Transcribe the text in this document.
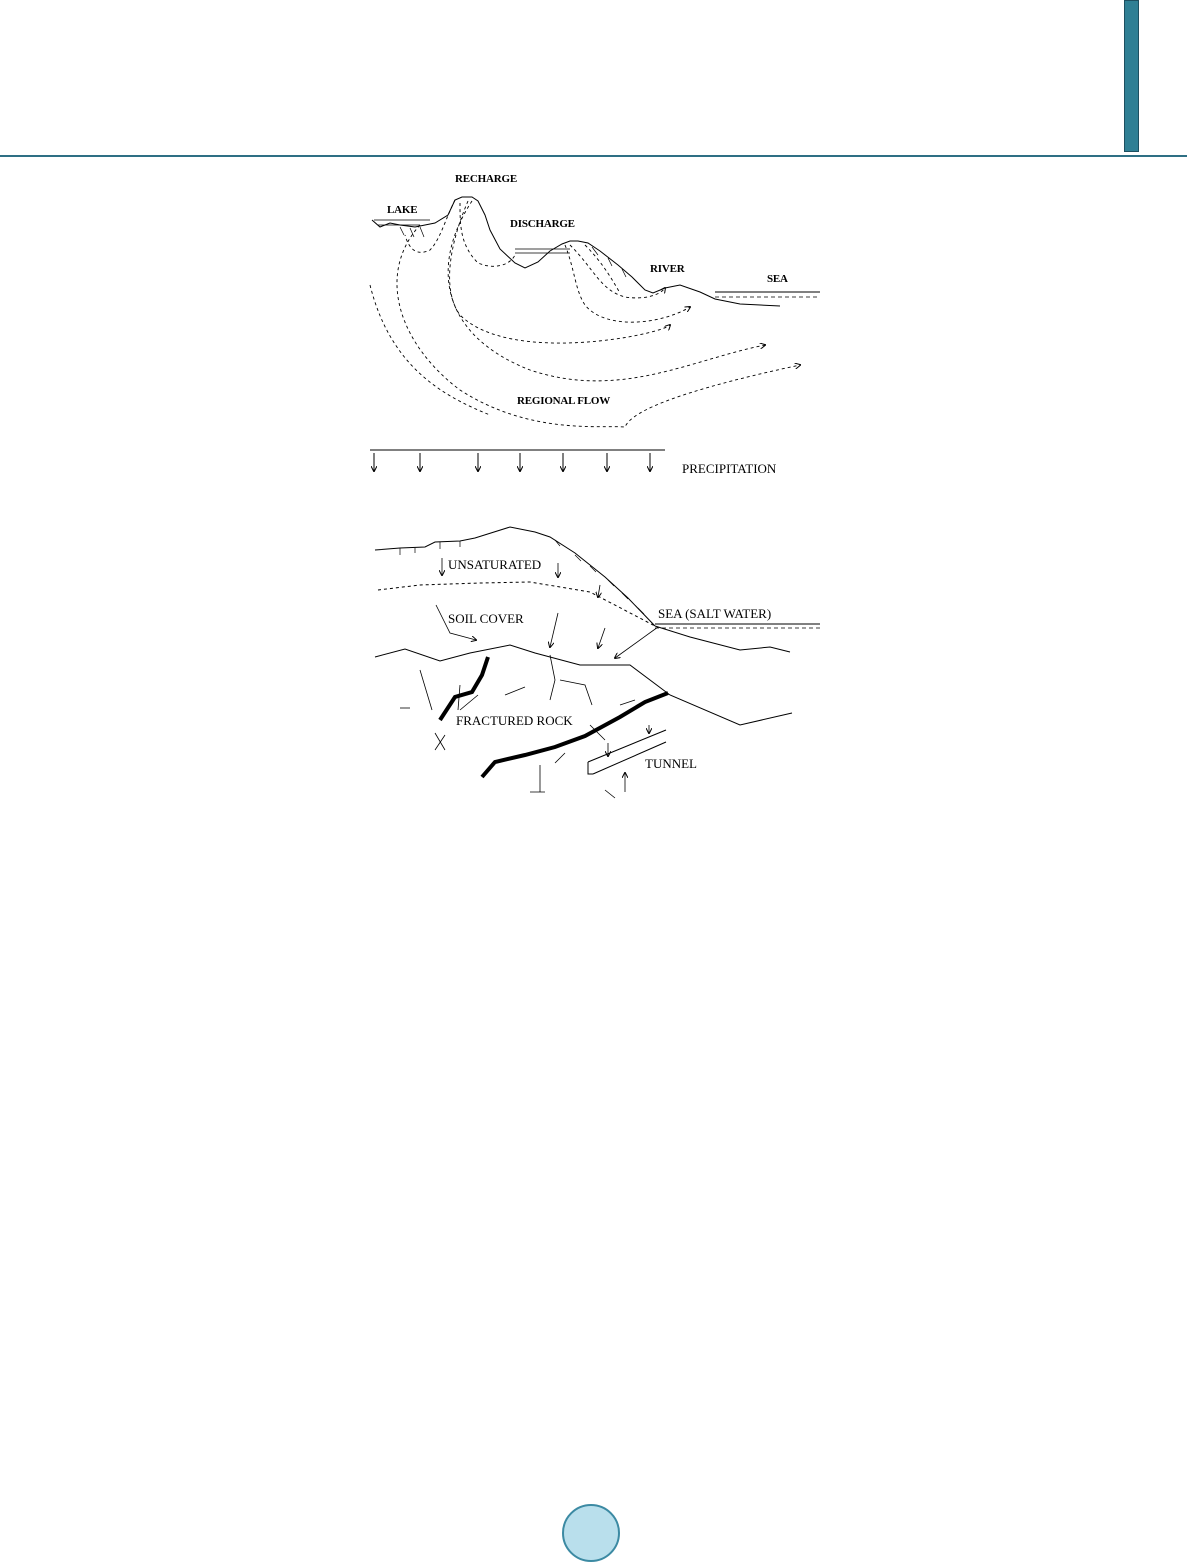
RECHARGE
LAKE
DISCHARGE
RIVER
SEA
REGIONAL FLOW
PRECIPITATION
UNSATURATED
SOIL COVER	SEA (SALT WATER)
FRACTURED ROCK
TUNNEL
